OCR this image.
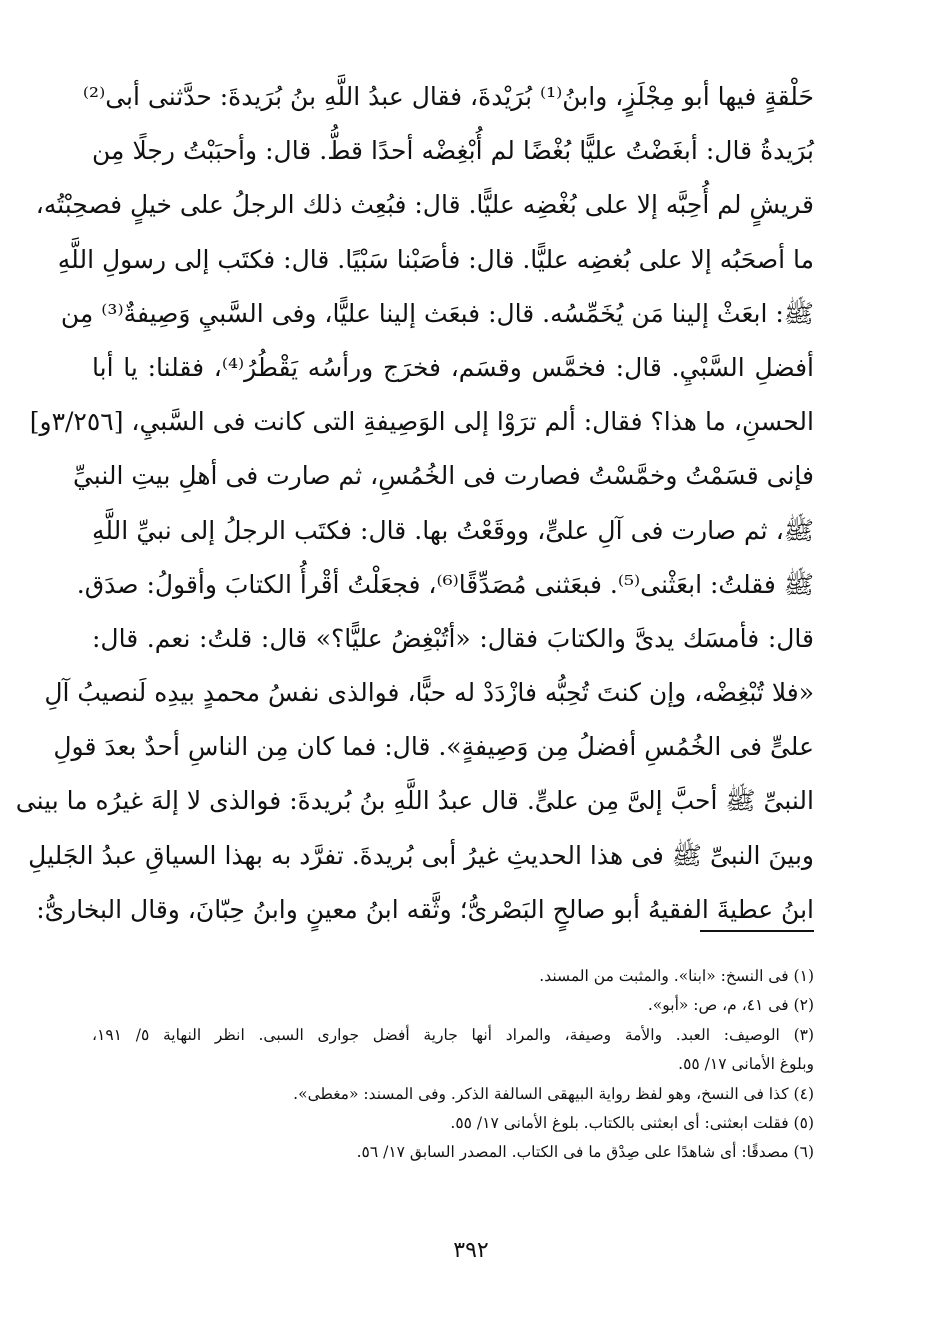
حَلْقةٍ فيها أبو مِجْلَزٍ، وابنُ⁽¹⁾ بُرَيْدةَ، فقال عبدُ اللَّهِ بنُ بُرَيدةَ: حدَّثنى أبى⁽²⁾
بُرَيدةُ قال: أبغَضْتُ عليًّا بُغْضًا لم أُبْغِضْه أحدًا قطُّ. قال: وأحبَبْتُ رجلًا مِن
قريشٍ لم أُحِبَّه إلا على بُغْضِه عليًّا. قال: فبُعِث ذلك الرجلُ على خيلٍ فصحِبْتُه،
ما أصحَبُه إلا على بُغضِه عليًّا. قال: فأصَبْنا سَبْيًا. قال: فكتَب إلى رسولِ اللَّهِ
ﷺ: ابعَثْ إلينا مَن يُخَمِّسُه. قال: فبعَث إلينا عليًّا، وفى السَّبيِ وَصِيفةٌ⁽³⁾ مِن
أفضلِ السَّبْيِ. قال: فخمَّس وقسَم، فخرَج ورأسُه يَقْطُرُ⁽⁴⁾، فقلنا: يا أبا
الحسنِ، ما هذا؟ فقال: ألم ترَوْا إلى الوَصِيفةِ التى كانت فى السَّبيِ، [٣/٢٥٦و]
فإنى قسَمْتُ وخمَّسْتُ فصارت فى الخُمُسِ، ثم صارت فى أهلِ بيتِ النبيِّ
ﷺ، ثم صارت فى آلِ علىٍّ، ووقَعْتُ بها. قال: فكتَب الرجلُ إلى نبيِّ اللَّهِ
ﷺ فقلتُ: ابعَثْنى⁽⁵⁾. فبعَثنى مُصَدِّقًا⁽⁶⁾، فجعَلْتُ أقْرأُ الكتابَ وأقولُ: صدَق.
قال: فأمسَك يدىَّ والكتابَ فقال: «أتُبْغِضُ عليًّا؟» قال: قلتُ: نعم. قال:
«فلا تُبْغِضْه، وإن كنتَ تُحِبُّه فازْدَدْ له حبًّا، فوالذى نفسُ محمدٍ بيدِه لَنصيبُ آلِ
علىٍّ فى الخُمُسِ أفضلُ مِن وَصِيفةٍ». قال: فما كان مِن الناسِ أحدٌ بعدَ قولِ
النبىِّ ﷺ أحبَّ إلىَّ مِن علىٍّ. قال عبدُ اللَّهِ بنُ بُريدةَ: فوالذى لا إلهَ غيرُه ما بينى
وبينَ النبىِّ ﷺ فى هذا الحديثِ غيرُ أبى بُريدةَ. تفرَّد به بهذا السياقِ عبدُ الجَليلِ
ابنُ عطيةَ الفقيهُ أبو صالحٍ البَصْرىُّ؛ وثَّقه ابنُ معينٍ وابنُ حِبّانَ، وقال البخارىُّ:
(١) فى النسخ: «ابنا». والمثبت من المسند.
(٢) فى ٤١، م، ص: «أبو».
(٣) الوصيف: العبد. والأمة وصيفة، والمراد أنها جارية أفضل جوارى السبى. انظر النهاية ٥/ ١٩١،
وبلوغ الأمانى ١٧/ ٥٥.
(٤) كذا فى النسخ، وهو لفظ رواية البيهقى السالفة الذكر. وفى المسند: «مغطى».
(٥) فقلت ابعثنى: أى ابعثنى بالكتاب. بلوغ الأمانى ١٧/ ٥٥.
(٦) مصدقًا: أى شاهدًا على صِدْق ما فى الكتاب. المصدر السابق ١٧/ ٥٦.
٣٩٢
